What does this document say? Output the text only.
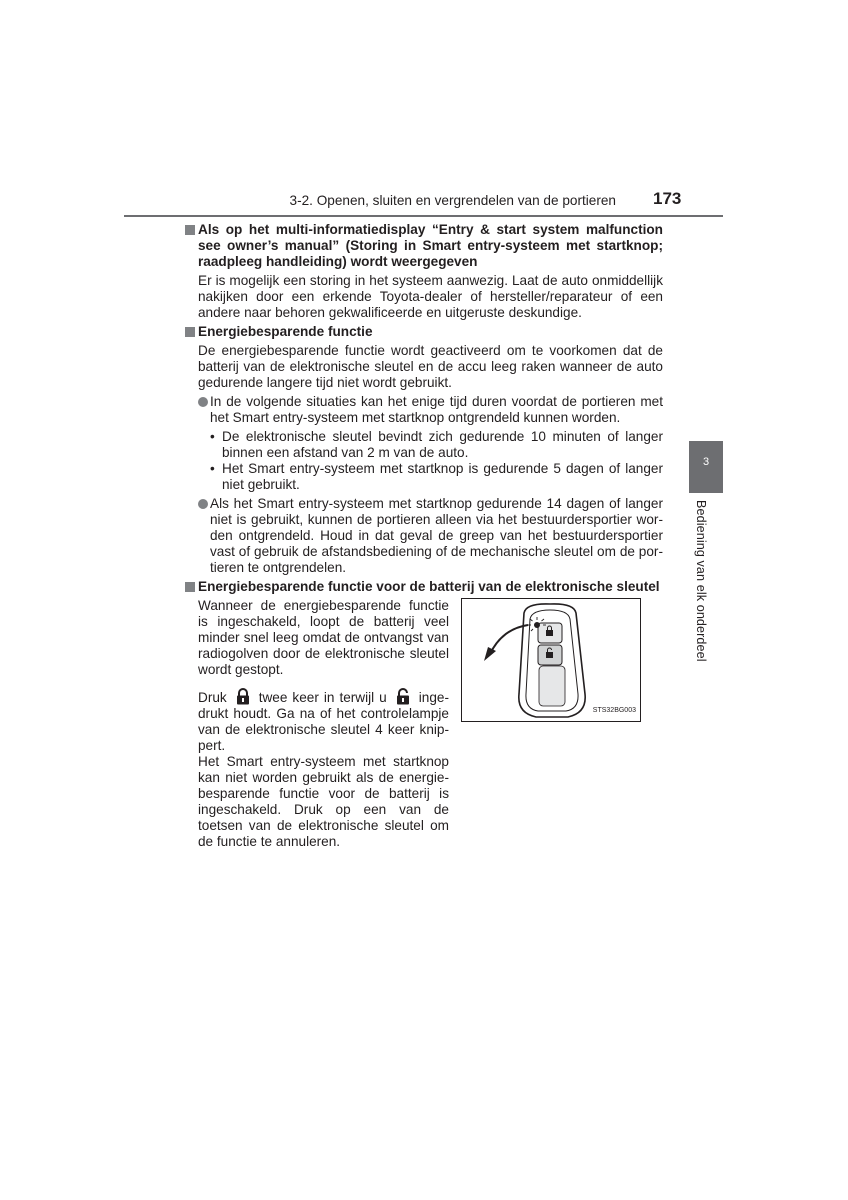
3-2. Openen, sluiten en vergrendelen van de portieren 173
3
Bediening van elk onderdeel
Als op het multi-informatiedisplay “Entry & start system malfunction see owner’s manual” (Storing in Smart entry-systeem met startknop; raadpleeg handleiding) wordt weergegeven

Er is mogelijk een storing in het systeem aanwezig. Laat de auto onmiddellijk nakijken door een erkende Toyota-dealer of hersteller/reparateur of een andere naar behoren gekwalificeerde en uitgeruste deskundige.

Energiebesparende functie

De energiebesparende functie wordt geactiveerd om te voorkomen dat de batterij van de elektronische sleutel en de accu leeg raken wanneer de auto gedurende langere tijd niet wordt gebruikt.

In de volgende situaties kan het enige tijd duren voordat de portieren met het Smart entry-systeem met startknop ontgrendeld kunnen worden.
• De elektronische sleutel bevindt zich gedurende 10 minuten of langer binnen een afstand van 2 m van de auto.
• Het Smart entry-systeem met startknop is gedurende 5 dagen of langer niet gebruikt.
Als het Smart entry-systeem met startknop gedurende 14 dagen of langer niet is gebruikt, kunnen de portieren alleen via het bestuurdersportier worden ontgrendeld. Houd in dat geval de greep van het bestuurdersportier vast of gebruik de afstandsbediening of de mechanische sleutel om de portieren te ontgrendelen.
Energiebesparende functie voor de batterij van de elektronische sleutel

Wanneer de energiebesparende functie is ingeschakeld, loopt de batterij veel minder snel leeg omdat de ontvangst van radiogolven door de elektronische sleutel wordt gestopt.

Druk twee keer in terwijl u ingedrukt houdt. Ga na of het controlelampje van de elektronische sleutel 4 keer knippert.

Het Smart entry-systeem met startknop kan niet worden gebruikt als de energiebesparende functie voor de batterij is ingeschakeld. Druk op een van de toetsen van de elektronische sleutel om de functie te annuleren.

STS32BG003
